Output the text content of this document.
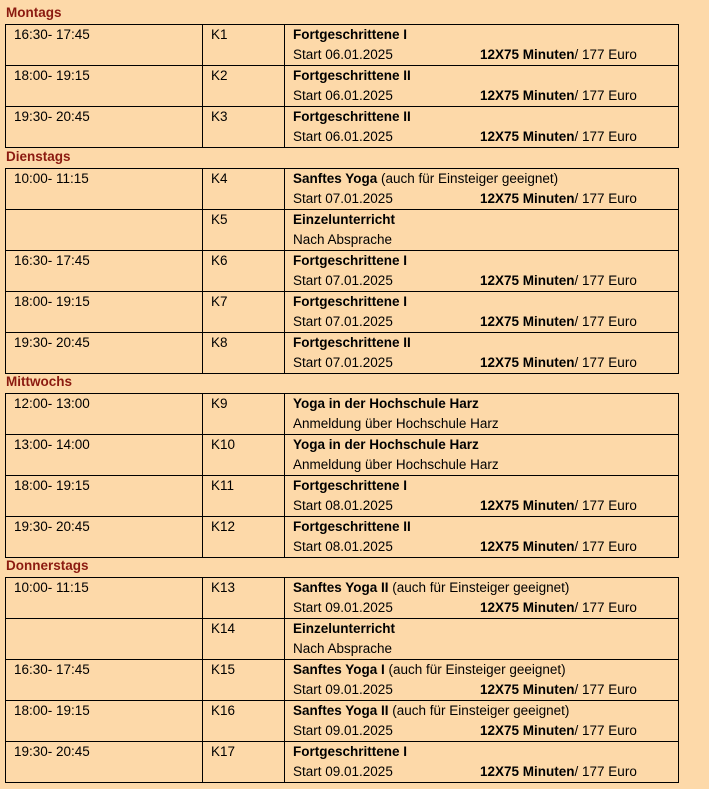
Montags
16:30- 17:45	K1	Fortgeschrittene I
Start 06.01.2025 12X75 Minuten/ 177 Euro

18:00- 19:15	K2	Fortgeschrittene II
Start 06.01.2025 12X75 Minuten/ 177 Euro

19:30- 20:45	K3	Fortgeschrittene II
Start 06.01.2025 12X75 Minuten/ 177 Euro
Dienstags
10:00- 11:15	K4	Sanftes Yoga (auch für Einsteiger geeignet)
Start 07.01.2025 12X75 Minuten/ 177 Euro

	K5	Einzelunterricht
Nach Absprache

16:30- 17:45	K6	Fortgeschrittene I
Start 07.01.2025 12X75 Minuten/ 177 Euro

18:00- 19:15	K7	Fortgeschrittene I
Start 07.01.2025 12X75 Minuten/ 177 Euro

19:30- 20:45	K8	Fortgeschrittene II
Start 07.01.2025 12X75 Minuten/ 177 Euro
Mittwochs
12:00- 13:00	K9	Yoga in der Hochschule Harz
Anmeldung über Hochschule Harz

13:00- 14:00	K10	Yoga in der Hochschule Harz
Anmeldung über Hochschule Harz

18:00- 19:15	K11	Fortgeschrittene I
Start 08.01.2025 12X75 Minuten/ 177 Euro

19:30- 20:45	K12	Fortgeschrittene II
Start 08.01.2025 12X75 Minuten/ 177 Euro
Donnerstags
10:00- 11:15	K13	Sanftes Yoga II (auch für Einsteiger geeignet)
Start 09.01.2025 12X75 Minuten/ 177 Euro

	K14	Einzelunterricht
Nach Absprache

16:30- 17:45	K15	Sanftes Yoga I (auch für Einsteiger geeignet)
Start 09.01.2025 12X75 Minuten/ 177 Euro

18:00- 19:15	K16	Sanftes Yoga II (auch für Einsteiger geeignet)
Start 09.01.2025 12X75 Minuten/ 177 Euro

19:30- 20:45	K17	Fortgeschrittene I
Start 09.01.2025 12X75 Minuten/ 177 Euro
